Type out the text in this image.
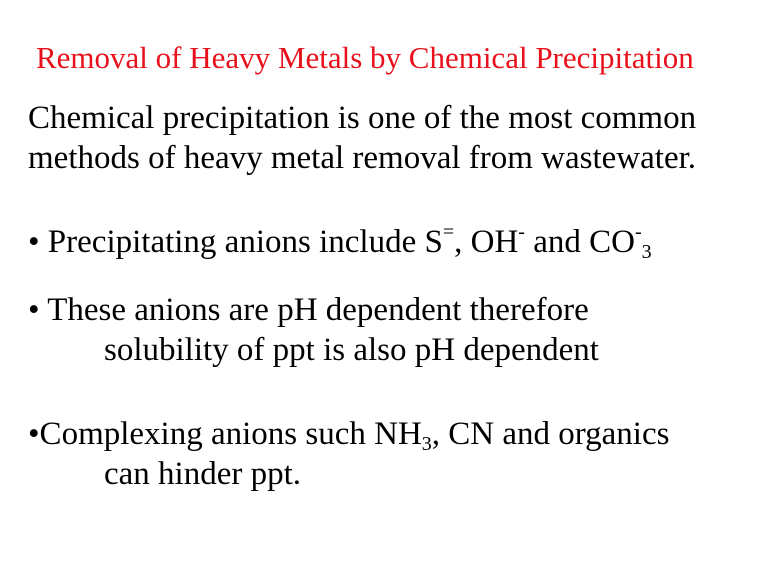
Removal of Heavy Metals by Chemical Precipitation
Chemical precipitation is one of the most common
methods of heavy metal removal from wastewater.
• Precipitating anions include S=, OH- and $CO^-_3$
• These anions are pH dependent therefore
solubility of ppt is also pH dependent
•Complexing anions such $NH_3$, CN and organics
can hinder ppt.
